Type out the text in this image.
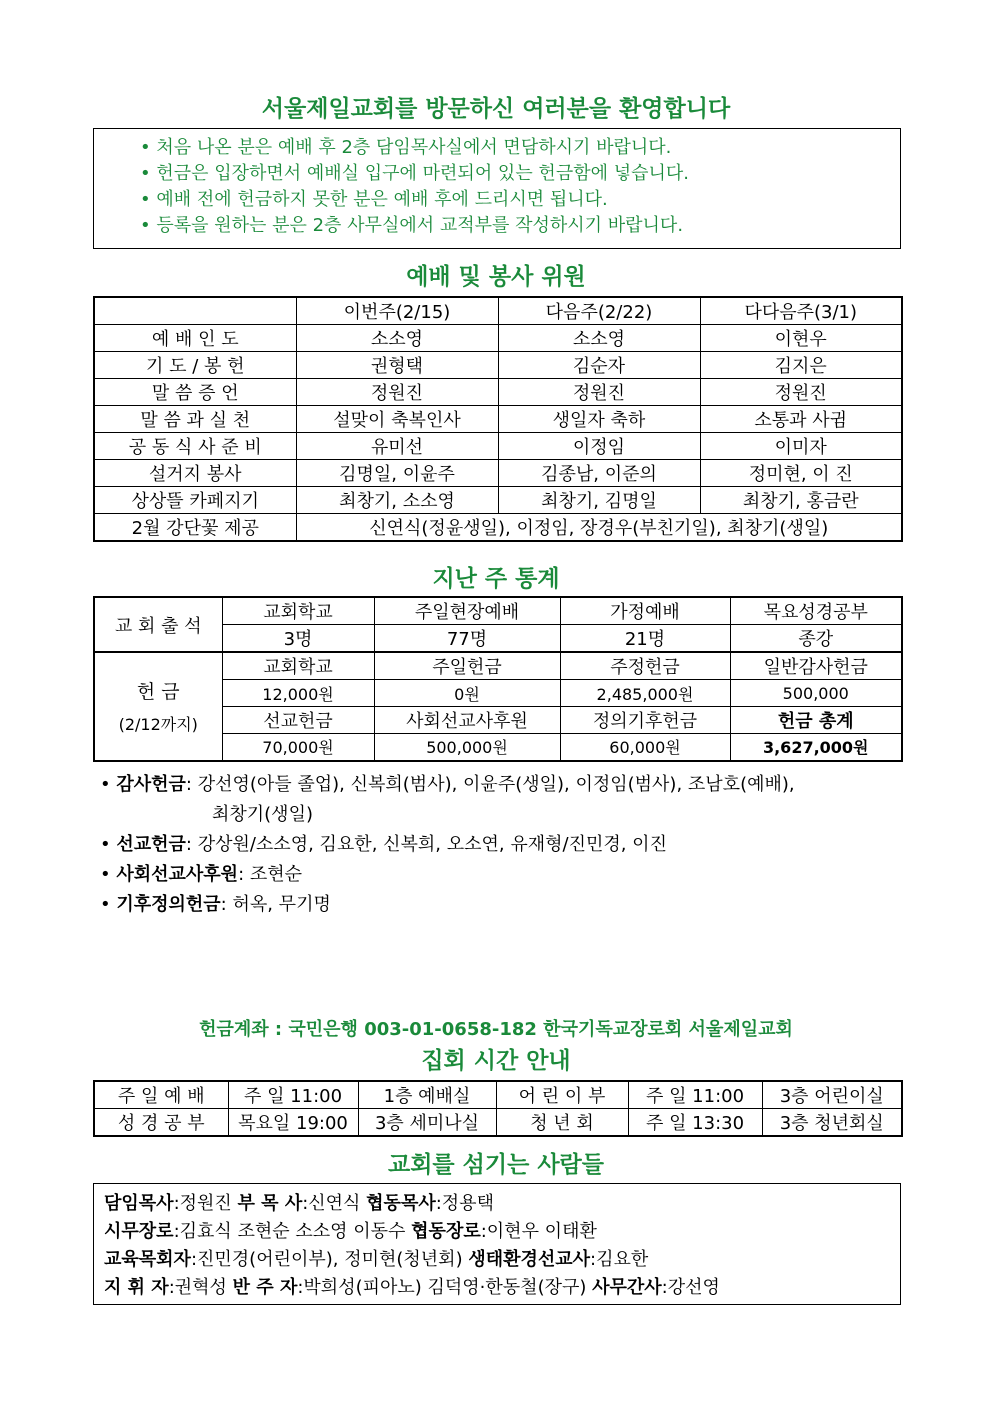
서울제일교회를 방문하신 여러분을 환영합니다
• 처음 나온 분은 예배 후 2층 담임목사실에서 면담하시기 바랍니다.
• 헌금은 입장하면서 예배실 입구에 마련되어 있는 헌금함에 넣습니다.
• 예배 전에 헌금하지 못한 분은 예배 후에 드리시면 됩니다.
• 등록을 원하는 분은 2층 사무실에서 교적부를 작성하시기 바랍니다.
예배 및 봉사 위원
	이번주(2/15)	다음주(2/22)	다다음주(3/1)
예 배 인 도	소소영	소소영	이현우
기 도 / 봉 헌	권형택	김순자	김지은
말 씀 증 언	정원진	정원진	정원진
말 씀 과 실 천	설맞이 축복인사	생일자 축하	소통과 사귐
공 동 식 사 준 비	유미선	이정임	이미자
설거지 봉사	김명일, 이윤주	김종남, 이준의	정미현, 이 진
상상뜰 카페지기	최창기, 소소영	최창기, 김명일	최창기, 홍금란
2월 강단꽃 제공	신연식(정윤생일), 이정임, 장경우(부친기일), 최창기(생일)		
지난 주 통계
교 회 출 석	교회학교	주일현장예배	가정예배	목요성경공부
	3명	77명	21명	종강

헌 금
(2/12까지)	교회학교	주일헌금	주정헌금	일반감사헌금
	12,000원	0원	2,485,000원	500,000
	선교헌금	사회선교사후원	정의기후헌금	헌금 총계
	70,000원	500,000원	60,000원	3,627,000원
• 감사헌금: 강선영(아들 졸업), 신복희(범사), 이윤주(생일), 이정임(범사), 조남호(예배),
최창기(생일)
• 선교헌금: 강상원/소소영, 김요한, 신복희, 오소연, 유재형/진민경, 이진
• 사회선교사후원: 조현순
• 기후정의헌금: 허옥, 무기명
헌금계좌 : 국민은행 003-01-0658-182 한국기독교장로회 서울제일교회
집회 시간 안내
주 일 예 배	주 일 11:00	1층 예배실	어 린 이 부	주 일 11:00	3층 어린이실
성 경 공 부	목요일 19:00	3층 세미나실	청 년 회	주 일 13:30	3층 청년회실
교회를 섬기는 사람들
담임목사:정원진 부 목 사:신연식 협동목사:정용택
시무장로:김효식 조현순 소소영 이동수 협동장로:이현우 이태환
교육목회자:진민경(어린이부), 정미현(청년회) 생태환경선교사:김요한
지 휘 자:권혁성 반 주 자:박희성(피아노) 김덕영·한동철(장구) 사무간사:강선영
